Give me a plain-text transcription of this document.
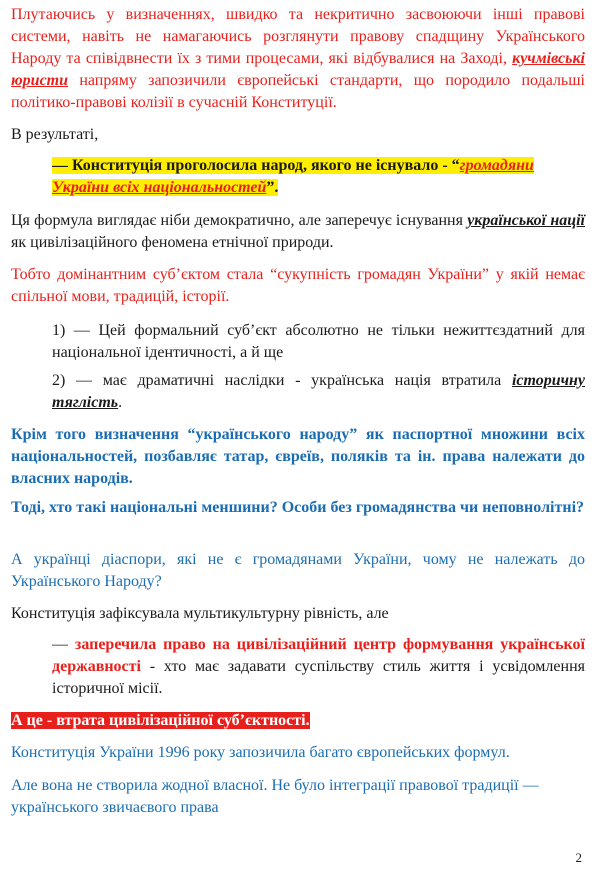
Плутаючись у визначеннях, швидко та некритично засвоюючи інші правові системи, навіть не намагаючись розглянути правову спадщину Українського Народу та співідвнести їх з тими процесами, які відбувалися на Заході, кучмівські юристи напряму запозичили європейські стандарти, що породило подальші політико-правові колізії в сучасній Конституції.

В результаті,

— Конституція проголосила народ, якого не існувало - “громадяни України всіх національностей”.

Ця формула виглядає ніби демократично, але заперечує існування української нації як цивілізаційного феномена етнічної природи.

Тобто домінантним суб’єктом стала “сукупність громадян України” у якій немає спільної мови, традицій, історії.

1) — Цей формальний суб’єкт абсолютно не тільки нежиттєздатний для національної ідентичності, а й ще

2) — має драматичні наслідки - українська нація втратила історичну тяглість.

Крім того визначення “українського народу” як паспортної множини всіх національностей, позбавляє татар, євреїв, поляків та ін. права належати до власних народів.

Тоді, хто такі національні меншини? Особи без громадянства чи неповнолітні?

А українці діаспори, які не є громадянами України, чому не належать до Українського Народу?

Конституція зафіксувала мультикультурну рівність, але

— заперечила право на цивілізаційний центр формування української державності - хто має задавати суспільству стиль життя і усвідомлення історичної місії.

А це - втрата цивілізаційної суб’єктності.

Конституція України 1996 року запозичила багато європейських формул.

Але вона не створила жодної власної. Не було інтеграції правової традиції — українського звичаєвого права

2
